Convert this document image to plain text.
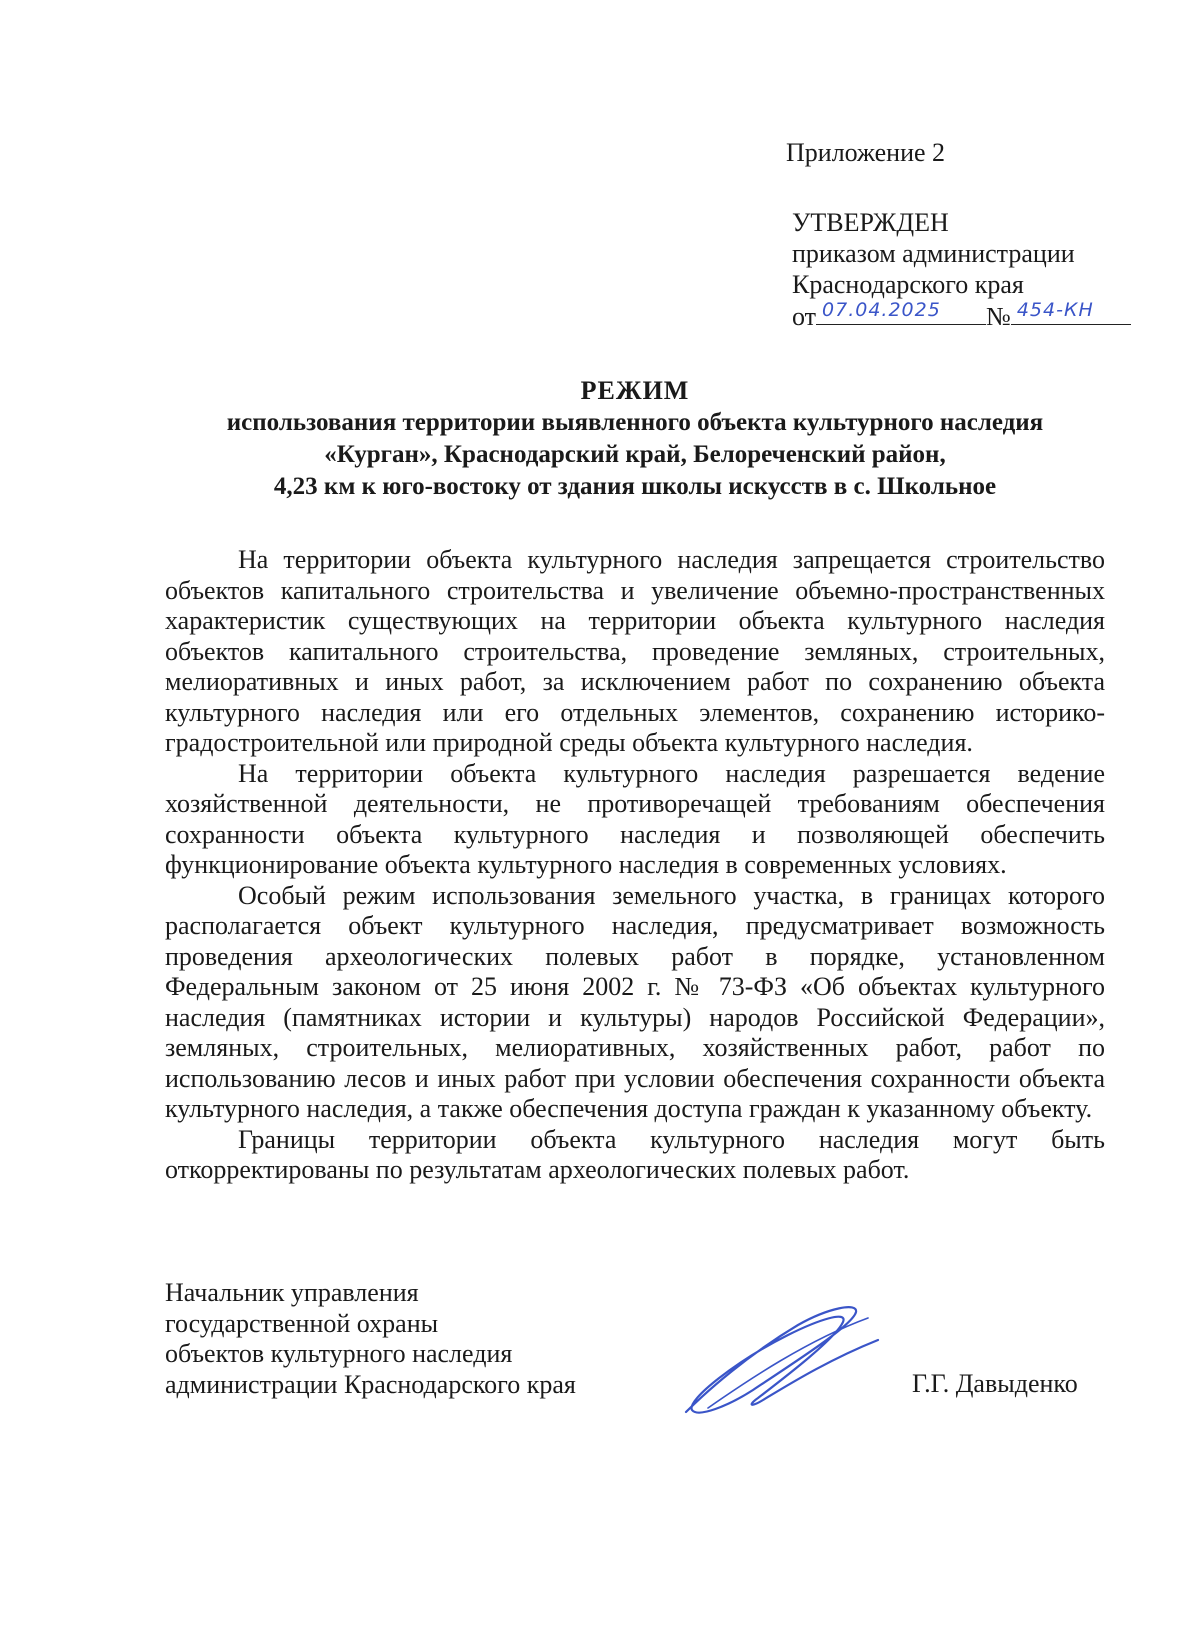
Приложение 2
УТВЕРЖДЕН
приказом администрации
Краснодарского края
от 07.04.2025 № 454-КН
РЕЖИМ
использования территории выявленного объекта культурного наследия
«Курган», Краснодарский край, Белореченский район,
4,23 км к юго-востоку от здания школы искусств в с. Школьное

На территории объекта культурного наследия запрещается строительство объектов капитального строительства и увеличение объемно-пространственных характеристик существующих на территории объекта культурного наследия объектов капитального строительства, проведение земляных, строительных, мелиоративных и иных работ, за исключением работ по сохранению объекта культурного наследия или его отдельных элементов, сохранению историко-градостроительной или природной среды объекта культурного наследия.

На территории объекта культурного наследия разрешается ведение хозяйственной деятельности, не противоречащей требованиям обеспечения сохранности объекта культурного наследия и позволяющей обеспечить функционирование объекта культурного наследия в современных условиях.

Особый режим использования земельного участка, в границах которого располагается объект культурного наследия, предусматривает возможность проведения археологических полевых работ в порядке, установленном Федеральным законом от 25 июня 2002 г. № 73-ФЗ «Об объектах культурного наследия (памятниках истории и культуры) народов Российской Федерации», земляных, строительных, мелиоративных, хозяйственных работ, работ по использованию лесов и иных работ при условии обеспечения сохранности объекта культурного наследия, а также обеспечения доступа граждан к указанному объекту.

Границы территории объекта культурного наследия могут быть откорректированы по результатам археологических полевых работ.

Начальник управления
государственной охраны
объектов культурного наследия
администрации Краснодарского края	Г.Г. Давыденко
